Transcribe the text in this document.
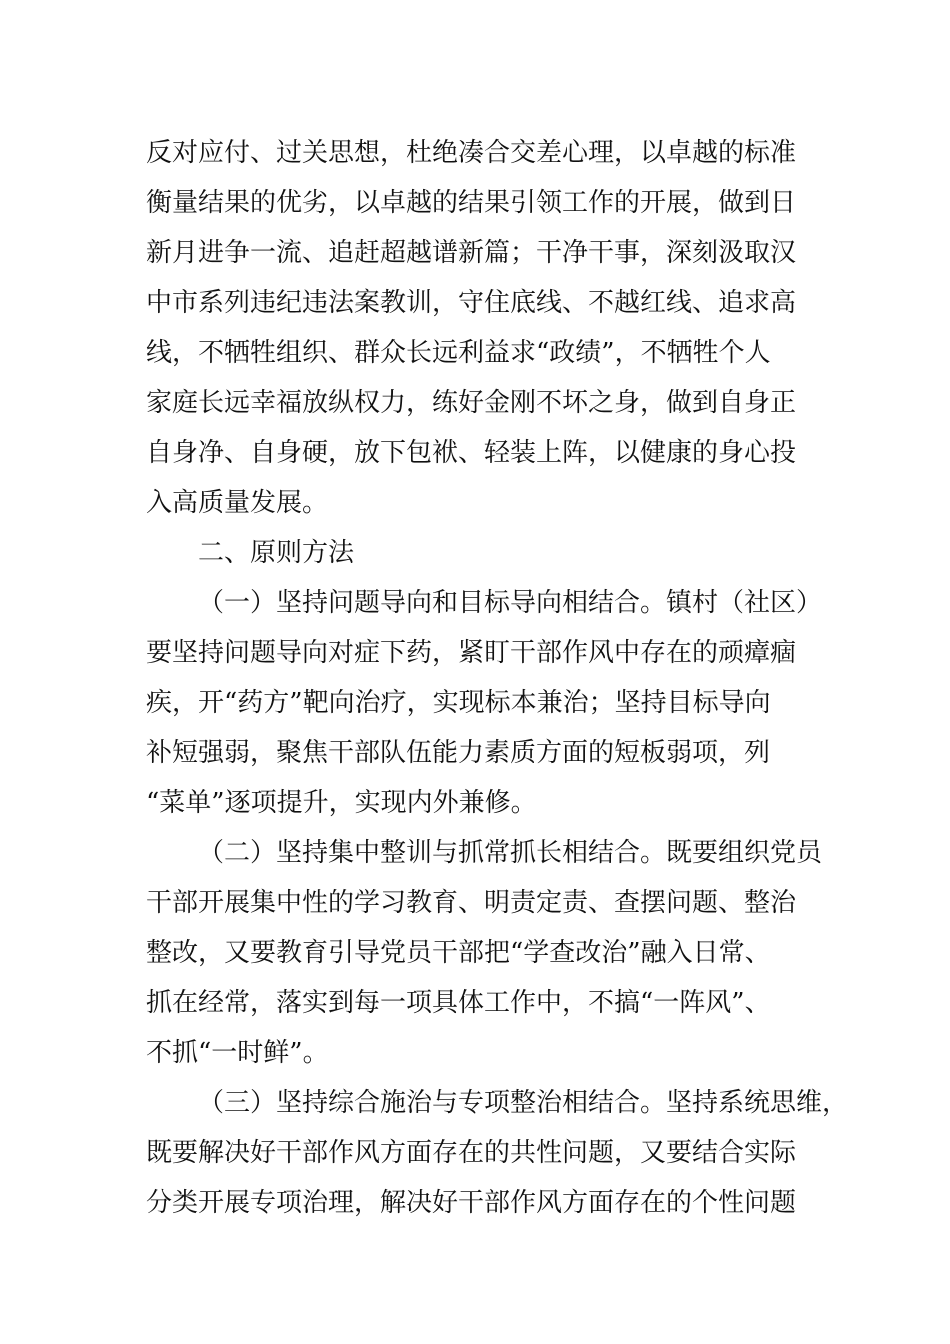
反对应付、过关思想，杜绝凑合交差心理，以卓越的标准
衡量结果的优劣，以卓越的结果引领工作的开展，做到日
新月进争一流、追赶超越谱新篇；干净干事，深刻汲取汉
中市系列违纪违法案教训，守住底线、不越红线、追求高
线，不牺牲组织、群众长远利益求“政绩”，不牺牲个人
家庭长远幸福放纵权力，练好金刚不坏之身，做到自身正
自身净、自身硬，放下包袱、轻装上阵，以健康的身心投
入高质量发展。
二、原则方法
（一）坚持问题导向和目标导向相结合。镇村（社区）
要坚持问题导向对症下药，紧盯干部作风中存在的顽瘴痼
疾，开“药方”靶向治疗，实现标本兼治；坚持目标导向
补短强弱，聚焦干部队伍能力素质方面的短板弱项，列
“菜单”逐项提升，实现内外兼修。
（二）坚持集中整训与抓常抓长相结合。既要组织党员
干部开展集中性的学习教育、明责定责、查摆问题、整治
整改，又要教育引导党员干部把“学查改治”融入日常、
抓在经常，落实到每一项具体工作中，不搞“一阵风”、
不抓“一时鲜”。
（三）坚持综合施治与专项整治相结合。坚持系统思维，
既要解决好干部作风方面存在的共性问题，又要结合实际
分类开展专项治理，解决好干部作风方面存在的个性问题
